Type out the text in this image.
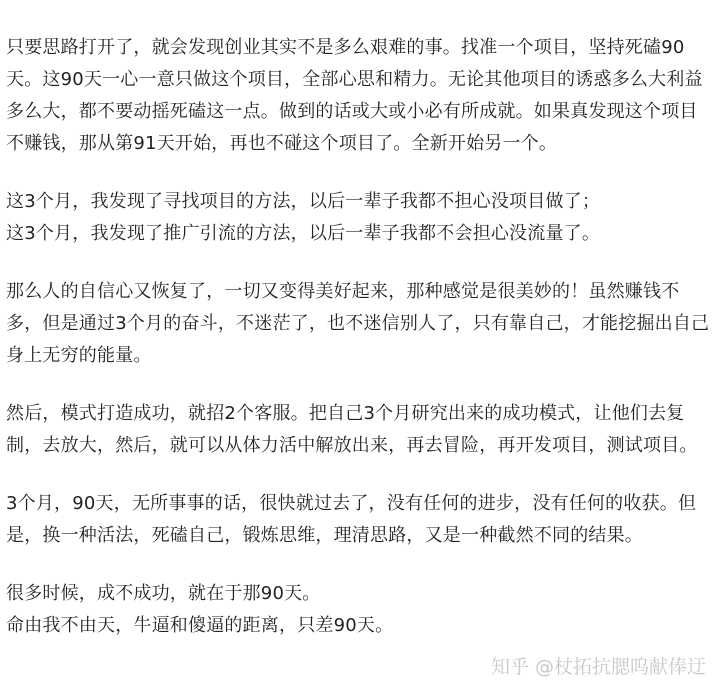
只要思路打开了，就会发现创业其实不是多么艰难的事。找准一个项目，坚持死磕90
天。这90天一心一意只做这个项目，全部心思和精力。无论其他项目的诱惑多么大利益
多么大，都不要动摇死磕这一点。做到的话或大或小必有所成就。如果真发现这个项目
不赚钱，那从第91天开始，再也不碰这个项目了。全新开始另一个。
这3个月，我发现了寻找项目的方法，以后一辈子我都不担心没项目做了；
这3个月，我发现了推广引流的方法，以后一辈子我都不会担心没流量了。
那么人的自信心又恢复了，一切又变得美好起来，那种感觉是很美妙的！虽然赚钱不
多，但是通过3个月的奋斗，不迷茫了，也不迷信别人了，只有靠自己，才能挖掘出自己
身上无穷的能量。
然后，模式打造成功，就招2个客服。把自己3个月研究出来的成功模式，让他们去复
制，去放大，然后，就可以从体力活中解放出来，再去冒险，再开发项目，测试项目。
3个月，90天，无所事事的话，很快就过去了，没有任何的进步，没有任何的收获。但
是，换一种活法，死磕自己，锻炼思维，理清思路，又是一种截然不同的结果。
很多时候，成不成功，就在于那90天。
命由我不由天，牛逼和傻逼的距离，只差90天。
知乎 @杖拓抗腮呜献俸迂
